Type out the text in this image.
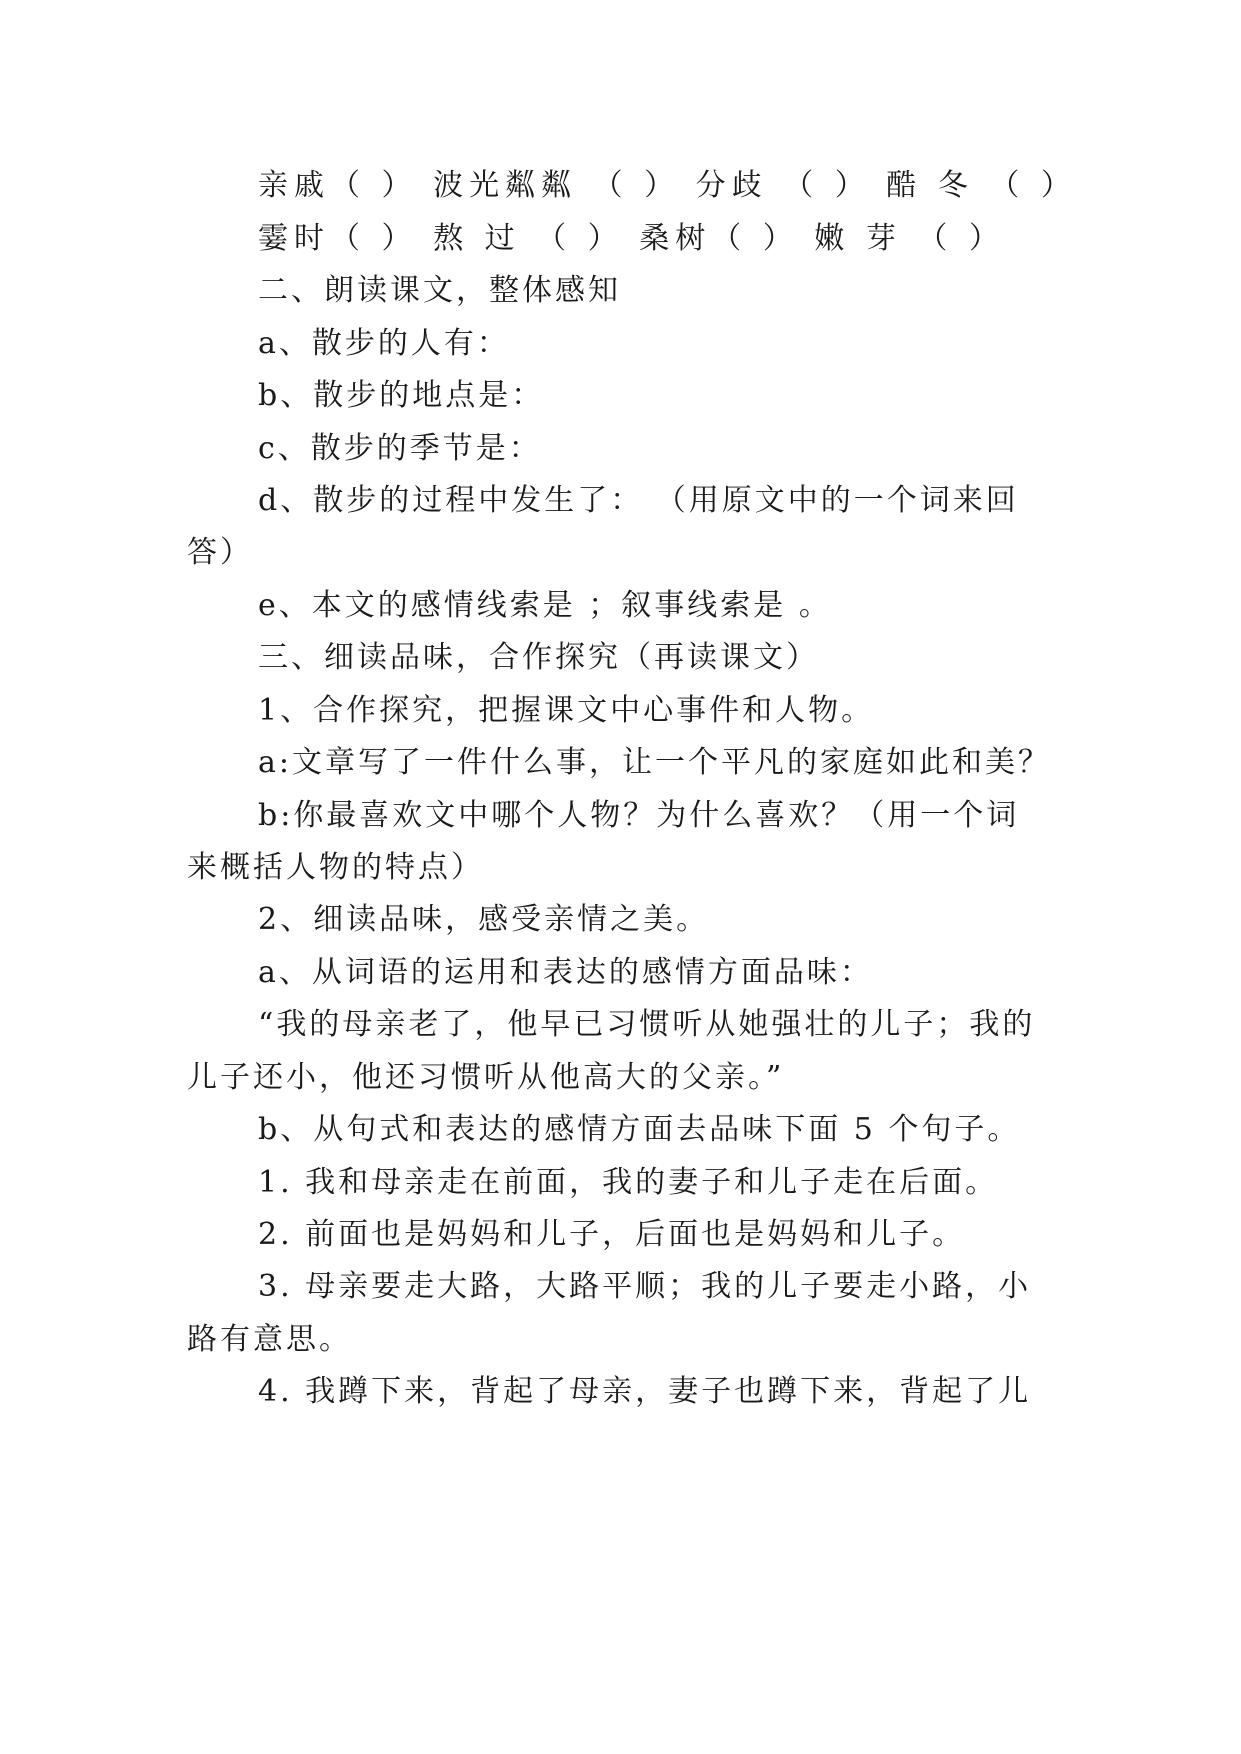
亲戚（ ） 波光粼粼 （ ） 分歧 （ ） 酷 冬 （ ）
霎时（ ） 熬 过 （ ） 桑树（ ） 嫩 芽 （ ）
二、朗读课文，整体感知
a、散步的人有：
b、散步的地点是：
c、散步的季节是：
d、散步的过程中发生了： （用原文中的一个词来回
答）
e、本文的感情线索是 ；叙事线索是 。
三、细读品味，合作探究（再读课文）
1、合作探究，把握课文中心事件和人物。
a:文章写了一件什么事，让一个平凡的家庭如此和美？
b:你最喜欢文中哪个人物？为什么喜欢？（用一个词
来概括人物的特点）
2、细读品味，感受亲情之美。
a、从词语的运用和表达的感情方面品味：
“我的母亲老了，他早已习惯听从她强壮的儿子；我的
儿子还小，他还习惯听从他高大的父亲。”
b、从句式和表达的感情方面去品味下面 5 个句子。
1. 我和母亲走在前面，我的妻子和儿子走在后面。
2. 前面也是妈妈和儿子，后面也是妈妈和儿子。
3. 母亲要走大路，大路平顺；我的儿子要走小路，小
路有意思。
4. 我蹲下来，背起了母亲，妻子也蹲下来，背起了儿
